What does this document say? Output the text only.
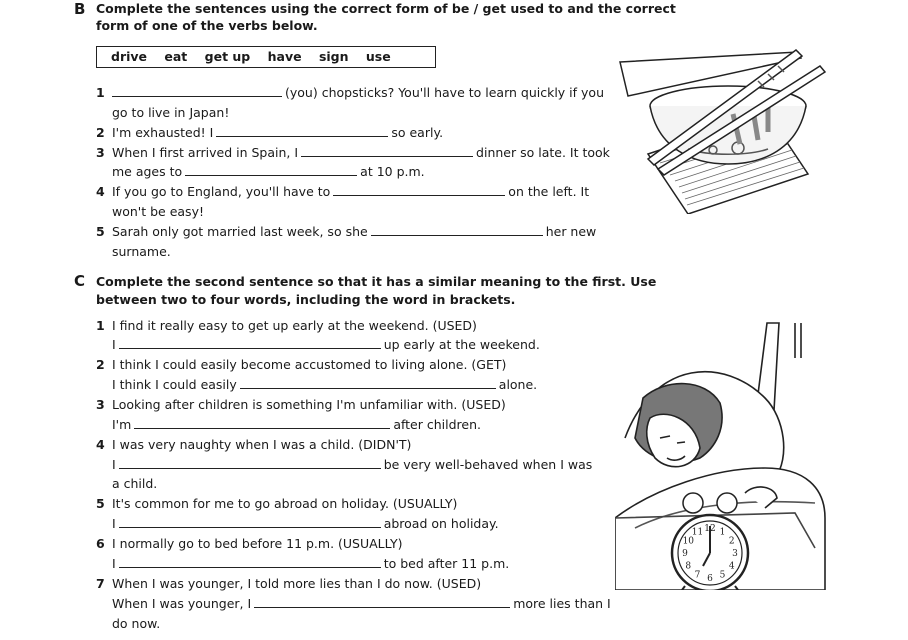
B Complete the sentences using the correct form of be / get used to and the correct
form of one of the verbs below.
drive eat get up have sign use
1	(you) chopsticks? You'll have to learn quickly if you
go to live in Japan!
2 I'm exhausted! I	so early.
3 When I first arrived in Spain, I	dinner so late. It took
me ages to	at 10 p.m.
4 If you go to England, you'll have to	on the left. It
won't be easy!
5 Sarah only got married last week, so she	her new
surname.
C Complete the second sentence so that it has a similar meaning to the first. Use
between two to four words, including the word in brackets.
1 I find it really easy to get up early at the weekend. (USED)
I	up early at the weekend.
2 I think I could easily become accustomed to living alone. (GET)
I think I could easily	alone.
3 Looking after children is something I'm unfamiliar with. (USED)
I'm	after children.
4 I was very naughty when I was a child. (DIDN'T)
I	be very well-behaved when I was
a child.
5 It's common for me to go abroad on holiday. (USUALLY)
I	abroad on holiday.
6 I normally go to bed before 11 p.m. (USUALLY)
I	to bed after 11 p.m.
7 When I was younger, I told more lies than I do now. (USED)
When I was younger, I	more lies than I
do now.
12 1
2
3
4
5
6
7
8
9
10
11
